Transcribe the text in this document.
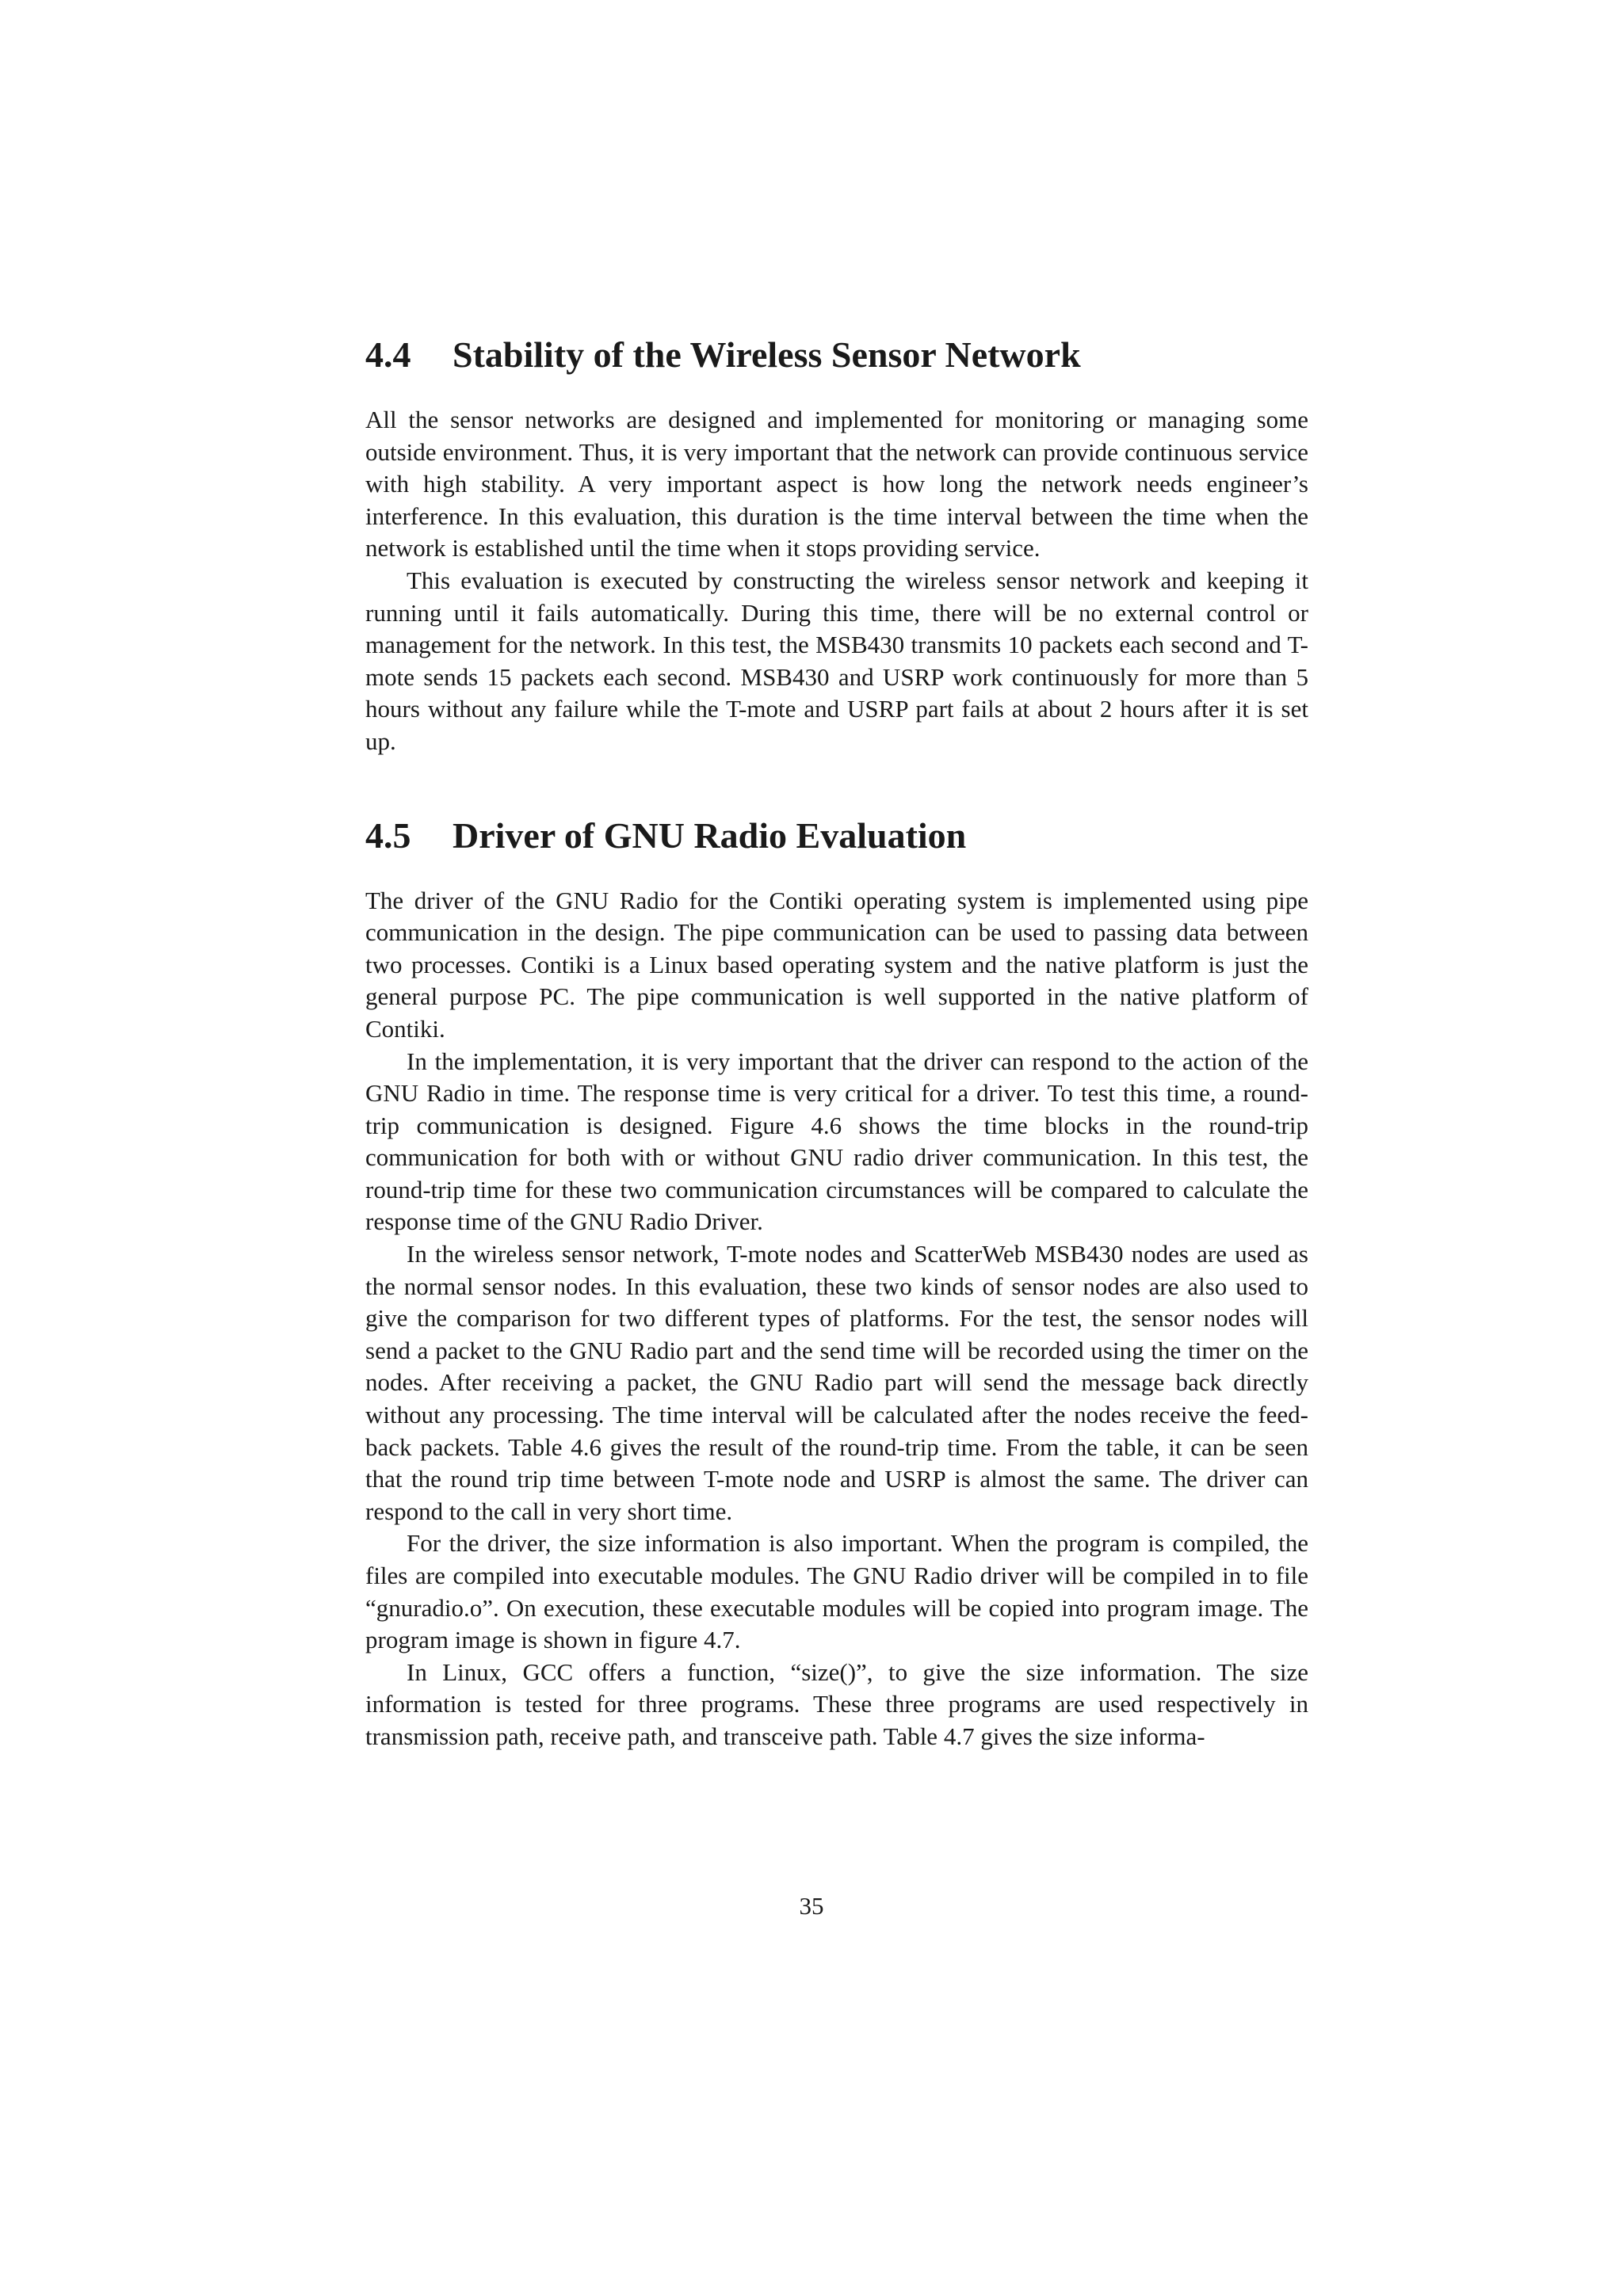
4.4 Stability of the Wireless Sensor Network

All the sensor networks are designed and implemented for monitoring or managing some outside environment. Thus, it is very important that the network can provide continuous service with high stability. A very important aspect is how long the network needs engineer’s interference. In this evaluation, this duration is the time interval between the time when the network is established until the time when it stops providing service.

This evaluation is executed by constructing the wireless sensor network and keeping it running until it fails automatically. During this time, there will be no external control or management for the network. In this test, the MSB430 transmits 10 packets each second and T-mote sends 15 packets each second. MSB430 and USRP work continuously for more than 5 hours without any failure while the T-mote and USRP part fails at about 2 hours after it is set up.

4.5 Driver of GNU Radio Evaluation

The driver of the GNU Radio for the Contiki operating system is implemented using pipe communication in the design. The pipe communication can be used to passing data between two processes. Contiki is a Linux based operating system and the native platform is just the general purpose PC. The pipe communication is well supported in the native platform of Contiki.

In the implementation, it is very important that the driver can respond to the action of the GNU Radio in time. The response time is very critical for a driver. To test this time, a round-trip communication is designed. Figure 4.6 shows the time blocks in the round-trip communication for both with or without GNU radio driver communication. In this test, the round-trip time for these two communication circumstances will be compared to calculate the response time of the GNU Radio Driver.

In the wireless sensor network, T-mote nodes and ScatterWeb MSB430 nodes are used as the normal sensor nodes. In this evaluation, these two kinds of sensor nodes are also used to give the comparison for two different types of platforms. For the test, the sensor nodes will send a packet to the GNU Radio part and the send time will be recorded using the timer on the nodes. After receiving a packet, the GNU Radio part will send the message back directly without any processing. The time interval will be calculated after the nodes receive the feed-back packets. Table 4.6 gives the result of the round-trip time. From the table, it can be seen that the round trip time between T-mote node and USRP is almost the same. The driver can respond to the call in very short time.

For the driver, the size information is also important. When the program is compiled, the files are compiled into executable modules. The GNU Radio driver will be compiled in to file “gnuradio.o”. On execution, these executable modules will be copied into program image. The program image is shown in figure 4.7.

In Linux, GCC offers a function, “size()”, to give the size information. The size information is tested for three programs. These three programs are used respectively in transmission path, receive path, and transceive path. Table 4.7 gives the size informa-

35
